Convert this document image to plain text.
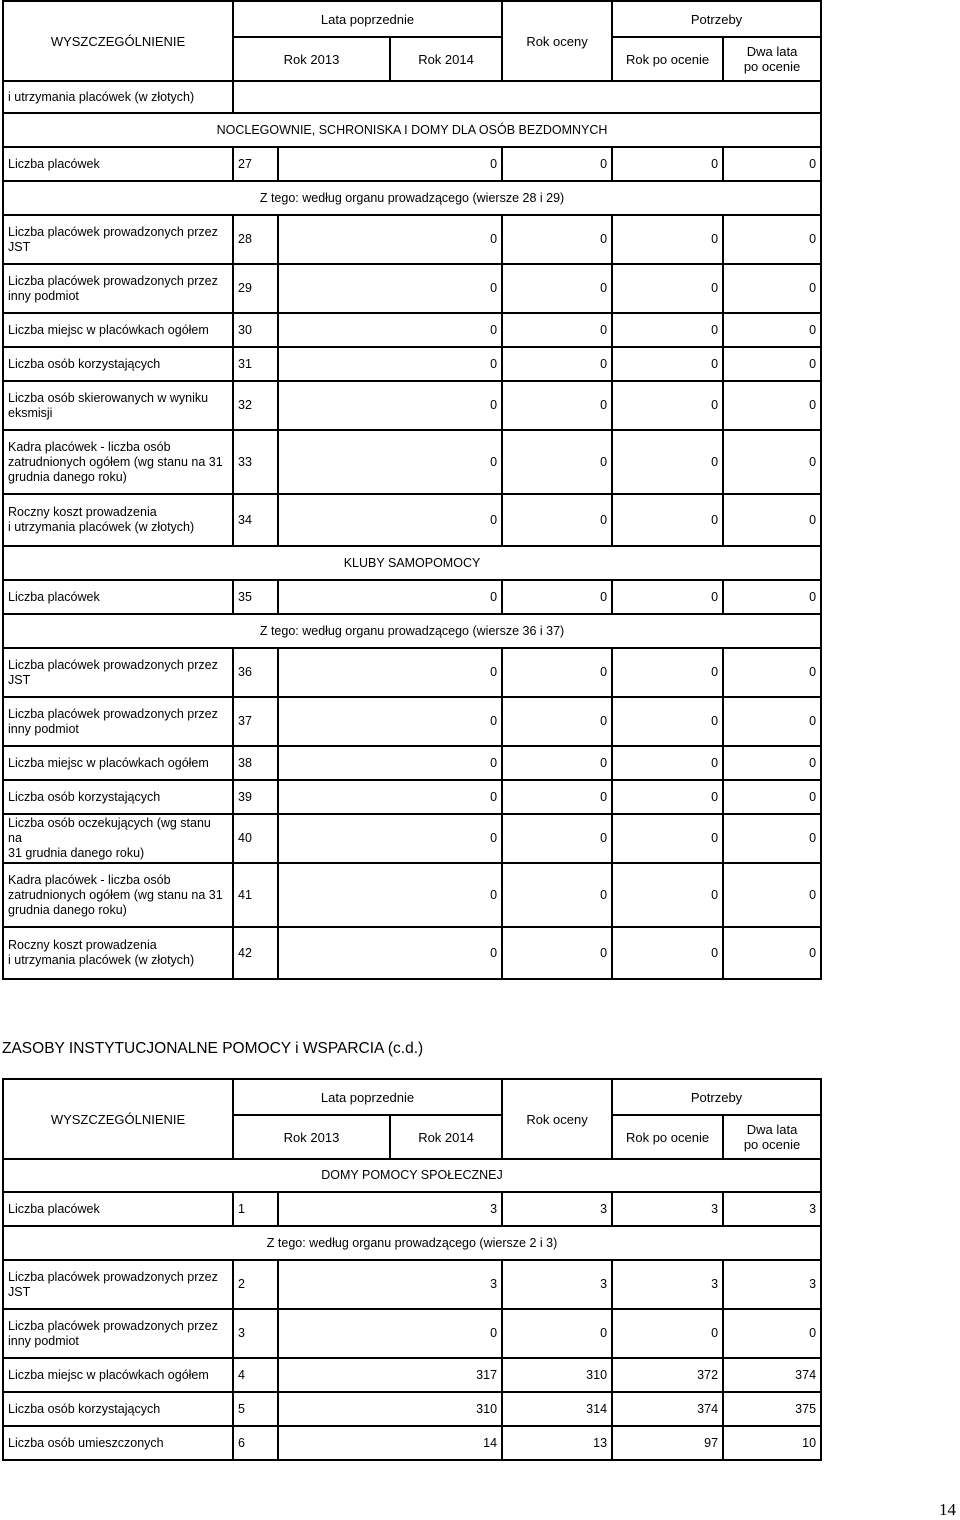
WYSZCZEGÓLNIENIE	Lata poprzednie			Rok oceny	Potrzeby		
	Rok 2013		Rok 2014		Rok po ocenie	Dwa lata
po ocenie	
i utrzymania placówek (w złotych)							
NOCLEGOWNIE, SCHRONISKA I DOMY DLA OSÓB BEZDOMNYCH							
Liczba placówek	27	0		0	0	0	
Z tego: według organu prowadzącego (wiersze 28 i 29)							
Liczba placówek prowadzonych przez
JST	28	0		0	0	0	
Liczba placówek prowadzonych przez
inny podmiot	29	0		0	0	0	
Liczba miejsc w placówkach ogółem	30	0		0	0	0	
Liczba osób korzystających	31	0		0	0	0	
Liczba osób skierowanych w wyniku
eksmisji	32	0		0	0	0	
Kadra placówek - liczba osób
zatrudnionych ogółem (wg stanu na 31
grudnia danego roku)	33	0		0	0	0	
Roczny koszt prowadzenia
i utrzymania placówek (w złotych)	34	0		0	0	0	
KLUBY SAMOPOMOCY							
Liczba placówek	35	0		0	0	0	
Z tego: według organu prowadzącego (wiersze 36 i 37)							
Liczba placówek prowadzonych przez
JST	36	0		0	0	0	
Liczba placówek prowadzonych przez
inny podmiot	37	0		0	0	0	
Liczba miejsc w placówkach ogółem	38	0		0	0	0	
Liczba osób korzystających	39	0		0	0	0	
Liczba osób oczekujących (wg stanu na
31 grudnia danego roku)	40	0		0	0	0	
Kadra placówek - liczba osób
zatrudnionych ogółem (wg stanu na 31
grudnia danego roku)	41	0		0	0	0	
Roczny koszt prowadzenia
i utrzymania placówek (w złotych)	42	0		0	0	0	
ZASOBY INSTYTUCJONALNE POMOCY i WSPARCIA (c.d.)
WYSZCZEGÓLNIENIE	Lata poprzednie			Rok oceny	Potrzeby		
	Rok 2013		Rok 2014		Rok po ocenie	Dwa lata
po ocenie	
DOMY POMOCY SPOŁECZNEJ							
Liczba placówek	1	3		3	3	3	
Z tego: według organu prowadzącego (wiersze 2 i 3)							
Liczba placówek prowadzonych przez
JST	2	3		3	3	3	
Liczba placówek prowadzonych przez
inny podmiot	3	0		0	0	0	
Liczba miejsc w placówkach ogółem	4	317		310	372	374	
Liczba osób korzystających	5	310		314	374	375	
Liczba osób umieszczonych	6	14		13	97	10	
14
